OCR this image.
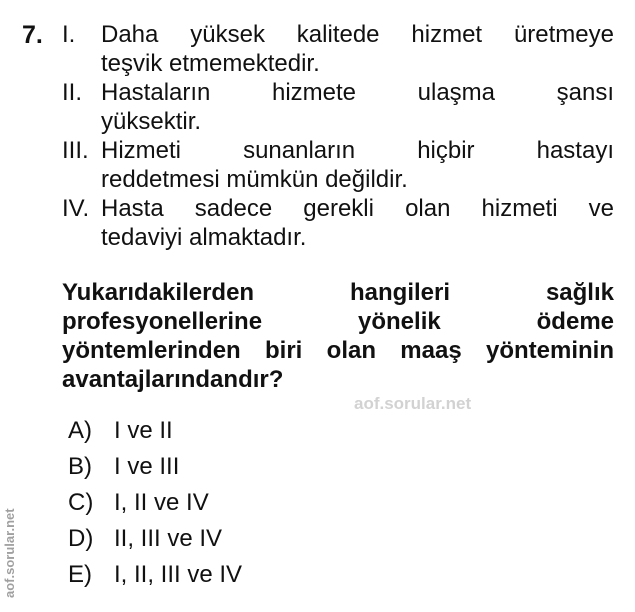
7. I.	Daha yüksek kalitede hizmet üretmeye
teşvik etmemektedir.
II. Hastaların hizmete ulaşma şansı
yüksektir.
III. Hizmeti sunanların hiçbir hastayı
reddetmesi mümkün değildir.
IV. Hasta sadece gerekli olan hizmeti ve
tedaviyi almaktadır.
Yukarıdakilerden hangileri sağlık
profesyonellerine yönelik ödeme
yöntemlerinden biri olan maaş yönteminin
avantajlarındandır?
aof.sorular.net
A) I ve II
B) I ve III
C) I, II ve IV
D) II, III ve IV
E) I, II, III ve IV
aof.sorular.net
